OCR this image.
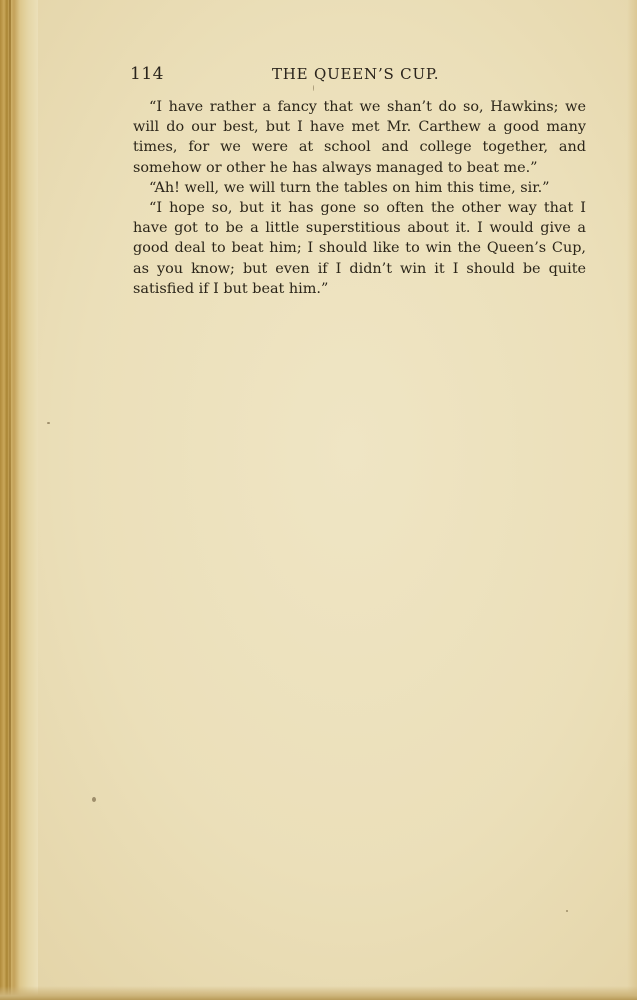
114	THE QUEEN’S CUP.

“I have rather a fancy that we shan’t do so, Hawkins; we will do our best, but I have met Mr. Carthew a good many times, for we were at school and college together, and somehow or other he has always managed to beat me.”

“Ah! well, we will turn the tables on him this time, sir.”

“I hope so, but it has gone so often the other way that I have got to be a little superstitious about it. I would give a good deal to beat him; I should like to win the Queen’s Cup, as you know; but even if I didn’t win it I should be quite satisfied if I but beat him.”
